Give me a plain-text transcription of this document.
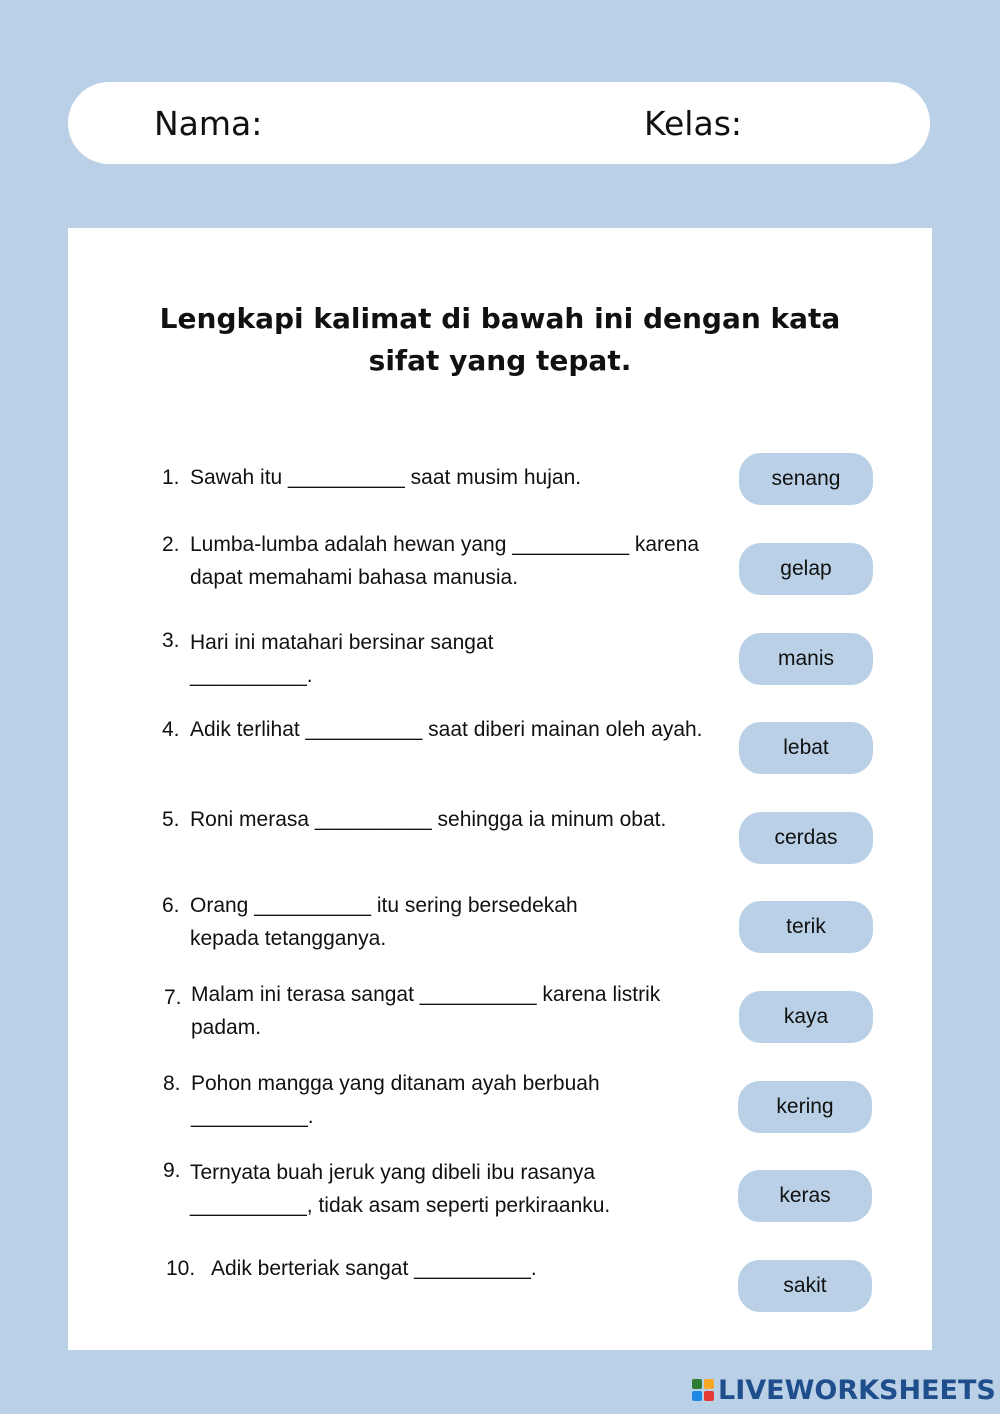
Nama:	Kelas:
Lengkapi kalimat di bawah ini dengan kata sifat yang tepat.
1. Sawah itu __________ saat musim hujan.
2. Lumba-lumba adalah hewan yang __________ karena dapat memahami bahasa manusia.
3. Hari ini matahari bersinar sangat __________.
4. Adik terlihat __________ saat diberi mainan oleh ayah.
5. Roni merasa __________ sehingga ia minum obat.
6. Orang __________ itu sering bersedekah kepada tetangganya.
7. Malam ini terasa sangat __________ karena listrik padam.
8. Pohon mangga yang ditanam ayah berbuah __________.
9. Ternyata buah jeruk yang dibeli ibu rasanya __________, tidak asam seperti perkiraanku.
10. Adik berteriak sangat __________.
senang
gelap
manis
lebat
cerdas
terik
kaya
kering
keras
sakit
LIVEWORKSHEETS
